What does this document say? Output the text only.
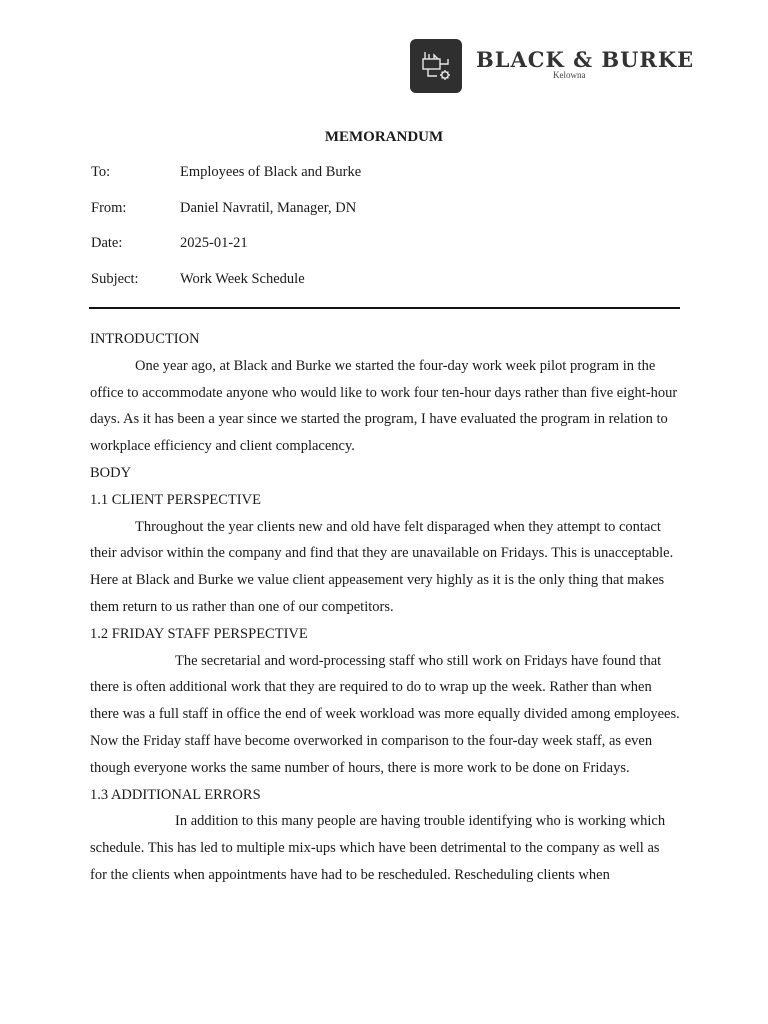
BLACK & BURKE
Kelowna
MEMORANDUM
To:	Employees of Black and Burke
From:	Daniel Navratil, Manager, DN
Date:	2025-01-21
Subject:	Work Week Schedule
INTRODUCTION

One year ago, at Black and Burke we started the four-day work week pilot program in the office to accommodate anyone who would like to work four ten-hour days rather than five eight-hour days. As it has been a year since we started the program, I have evaluated the program in relation to workplace efficiency and client complacency.

BODY
1.1 CLIENT PERSPECTIVE

Throughout the year clients new and old have felt disparaged when they attempt to contact their advisor within the company and find that they are unavailable on Fridays. This is unacceptable. Here at Black and Burke we value client appeasement very highly as it is the only thing that makes them return to us rather than one of our competitors.

1.2 FRIDAY STAFF PERSPECTIVE

The secretarial and word-processing staff who still work on Fridays have found that there is often additional work that they are required to do to wrap up the week. Rather than when there was a full staff in office the end of week workload was more equally divided among employees. Now the Friday staff have become overworked in comparison to the four-day week staff, as even though everyone works the same number of hours, there is more work to be done on Fridays.

1.3 ADDITIONAL ERRORS

In addition to this many people are having trouble identifying who is working which schedule. This has led to multiple mix-ups which have been detrimental to the company as well as for the clients when appointments have had to be rescheduled. Rescheduling clients when
